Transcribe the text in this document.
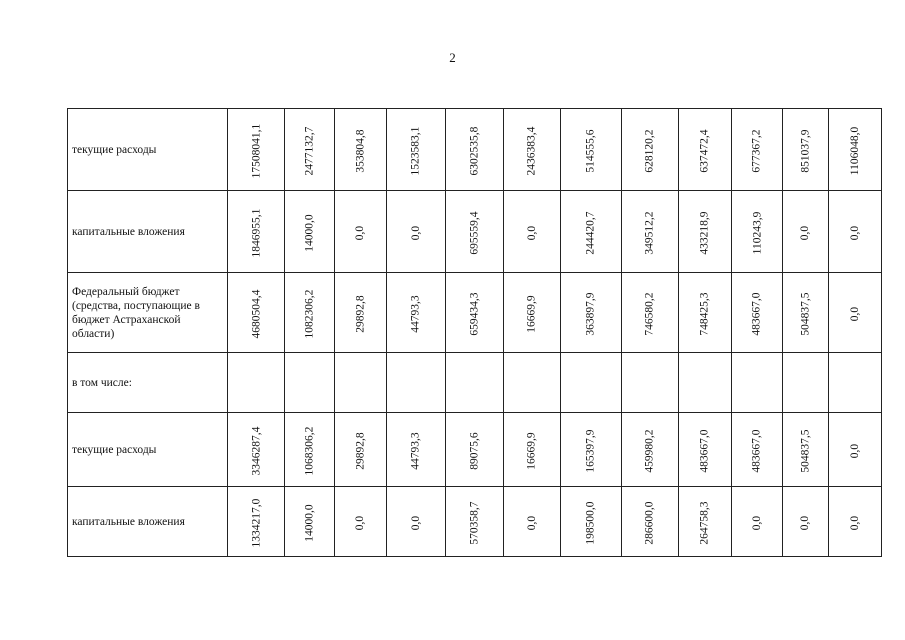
2
текущие расходы	17508041,1	2477132,7	353804,8	1523583,1	6302535,8	2436383,4	514555,6	628120,2	637472,4	677367,2	851037,9	1106048,0
капитальные вложения	1846955,1	14000,0	0,0	0,0	695559,4	0,0	244420,7	349512,2	433218,9	110243,9	0,0	0,0
Федеральный бюджет (средства, поступающие в бюджет Астраханской области)	4680504,4	1082306,2	29892,8	44793,3	659434,3	16669,9	363897,9	746580,2	748425,3	483667,0	504837,5	0,0
в том числе:												
текущие расходы	3346287,4	1068306,2	29892,8	44793,3	89075,6	16669,9	165397,9	459980,2	483667,0	483667,0	504837,5	0,0
капитальные вложения	1334217,0	14000,0	0,0	0,0	570358,7	0,0	198500,0	286600,0	264758,3	0,0	0,0	0,0
